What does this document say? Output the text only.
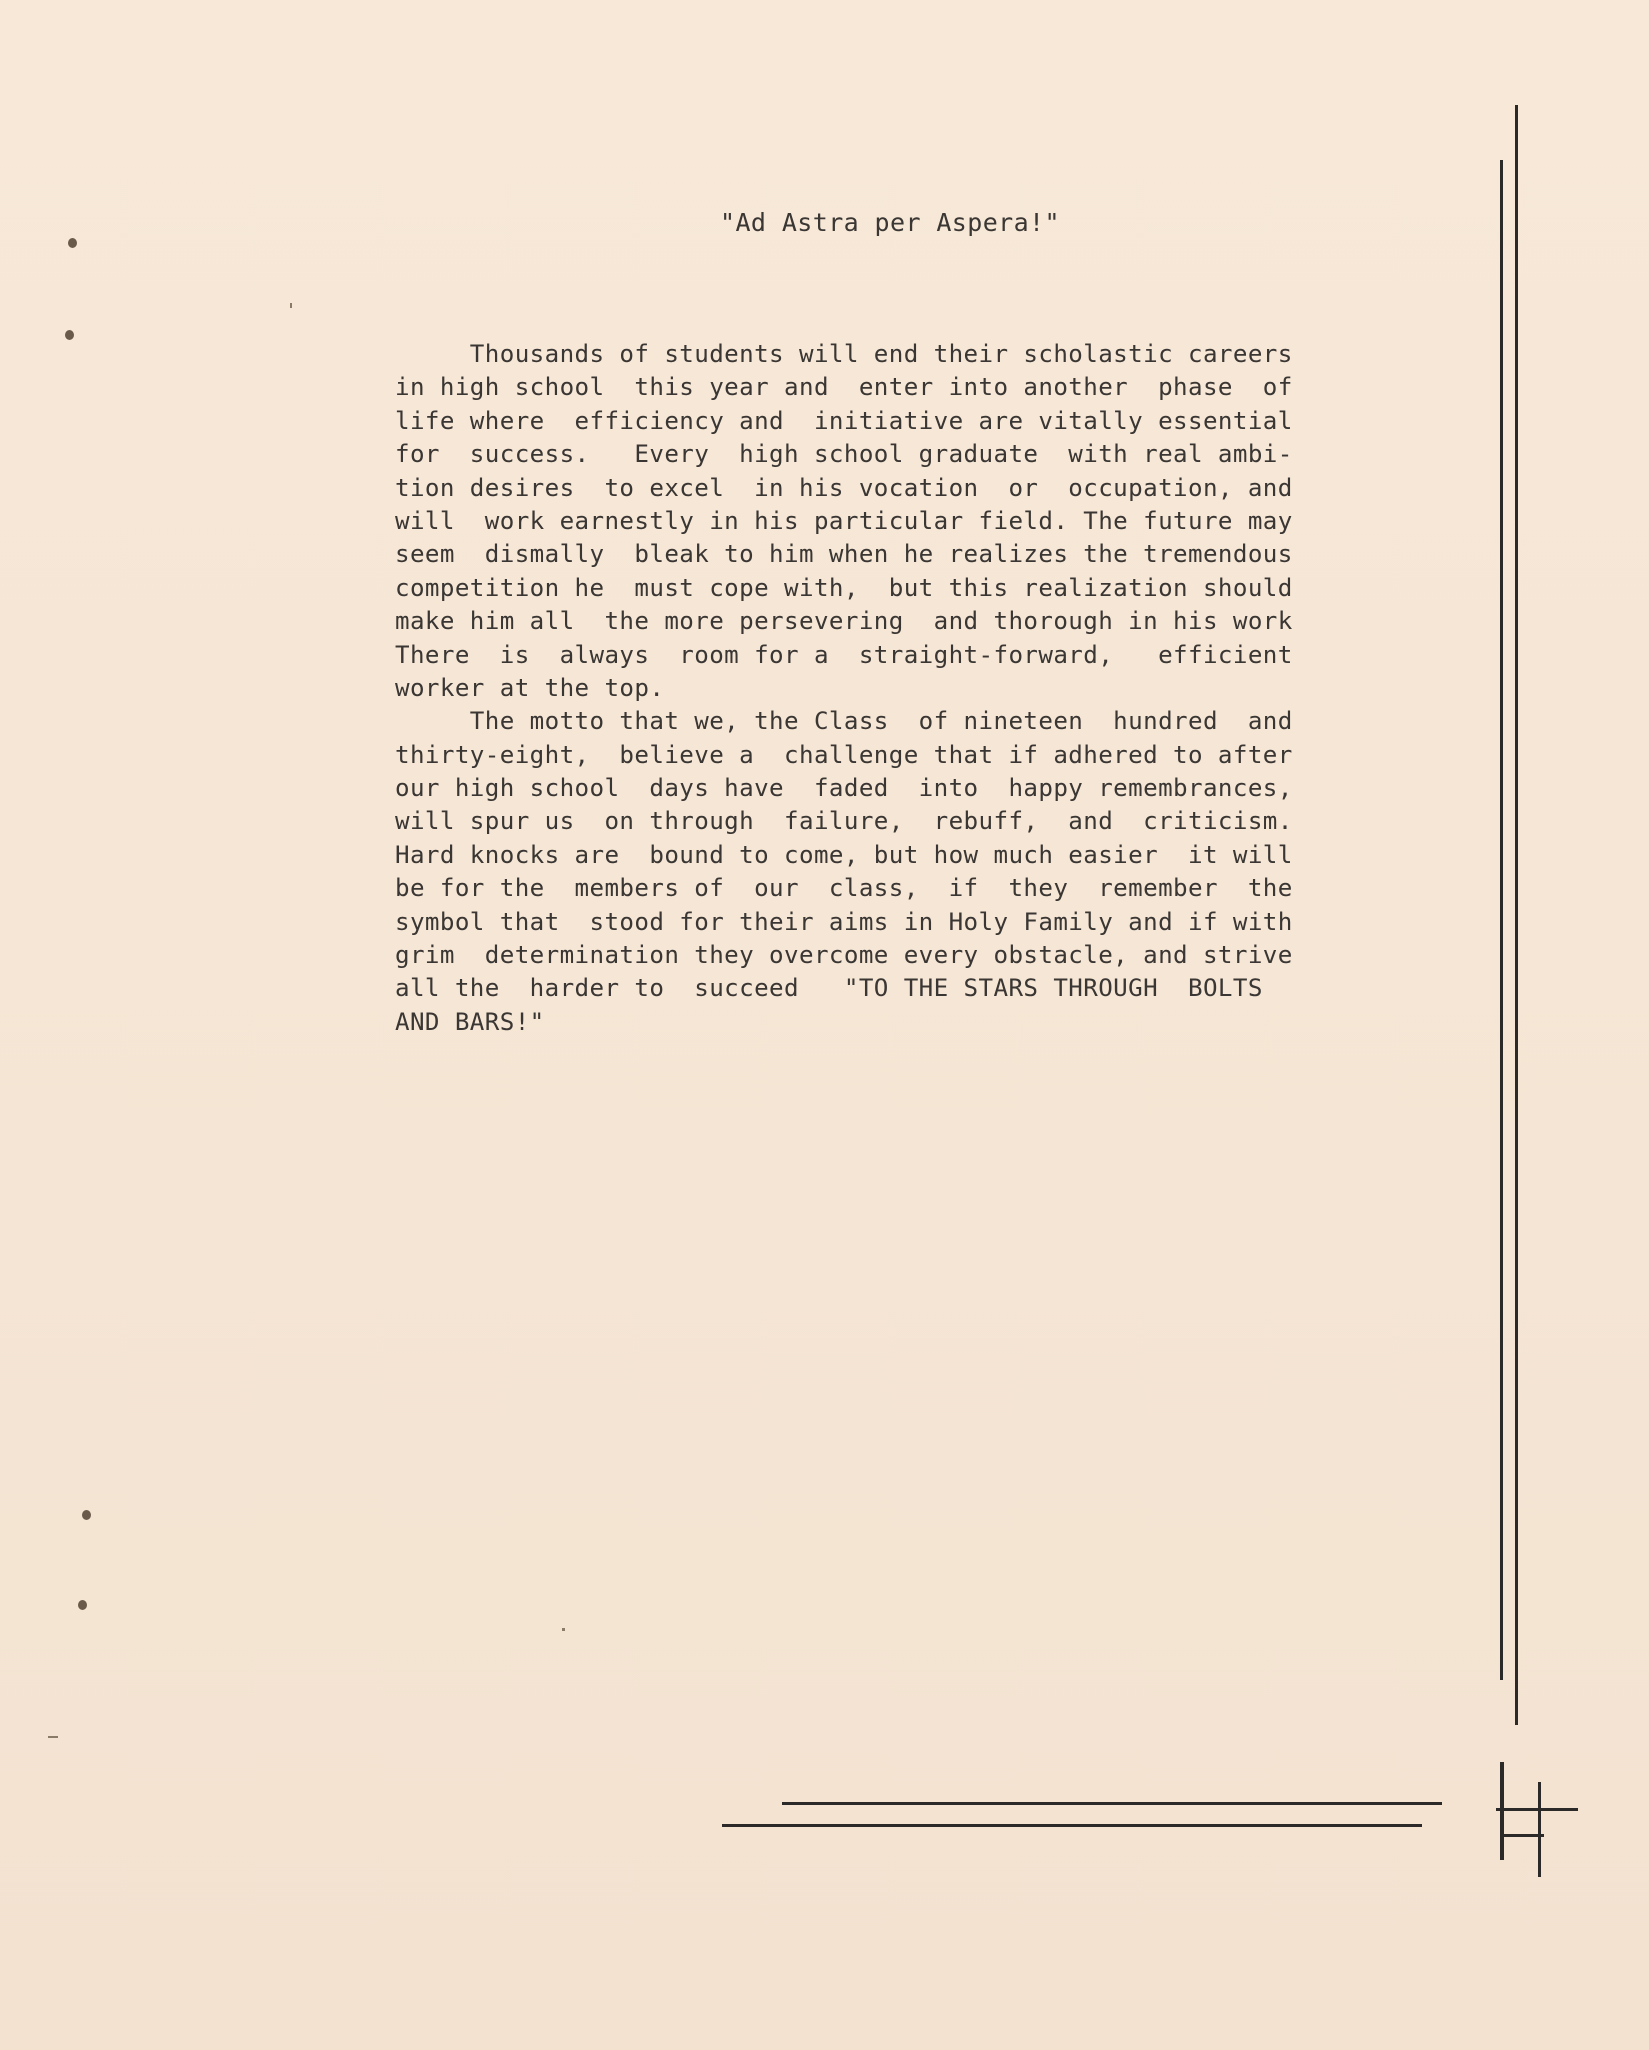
"Ad Astra per Aspera!"
Thousands of students will end their scholastic careers
in high school  this year and  enter into another  phase  of
life where  efficiency and  initiative are vitally essential
for  success.   Every  high school graduate  with real ambi-
tion desires  to excel  in his vocation  or  occupation, and
will  work earnestly in his particular field. The future may
seem  dismally  bleak to him when he realizes the tremendous
competition he  must cope with,  but this realization should
make him all  the more persevering  and thorough in his work
There  is  always  room for a  straight-forward,   efficient
worker at the top.
The motto that we, the Class  of nineteen  hundred  and
thirty-eight,  believe a  challenge that if adhered to after
our high school  days have  faded  into  happy remembrances,
will spur us  on through  failure,  rebuff,  and  criticism.
Hard knocks are  bound to come, but how much easier  it will
be for the  members of  our  class,  if  they  remember  the
symbol that  stood for their aims in Holy Family and if with
grim  determination they overcome every obstacle, and strive
all the  harder to  succeed   "TO THE STARS THROUGH  BOLTS
AND BARS!"
